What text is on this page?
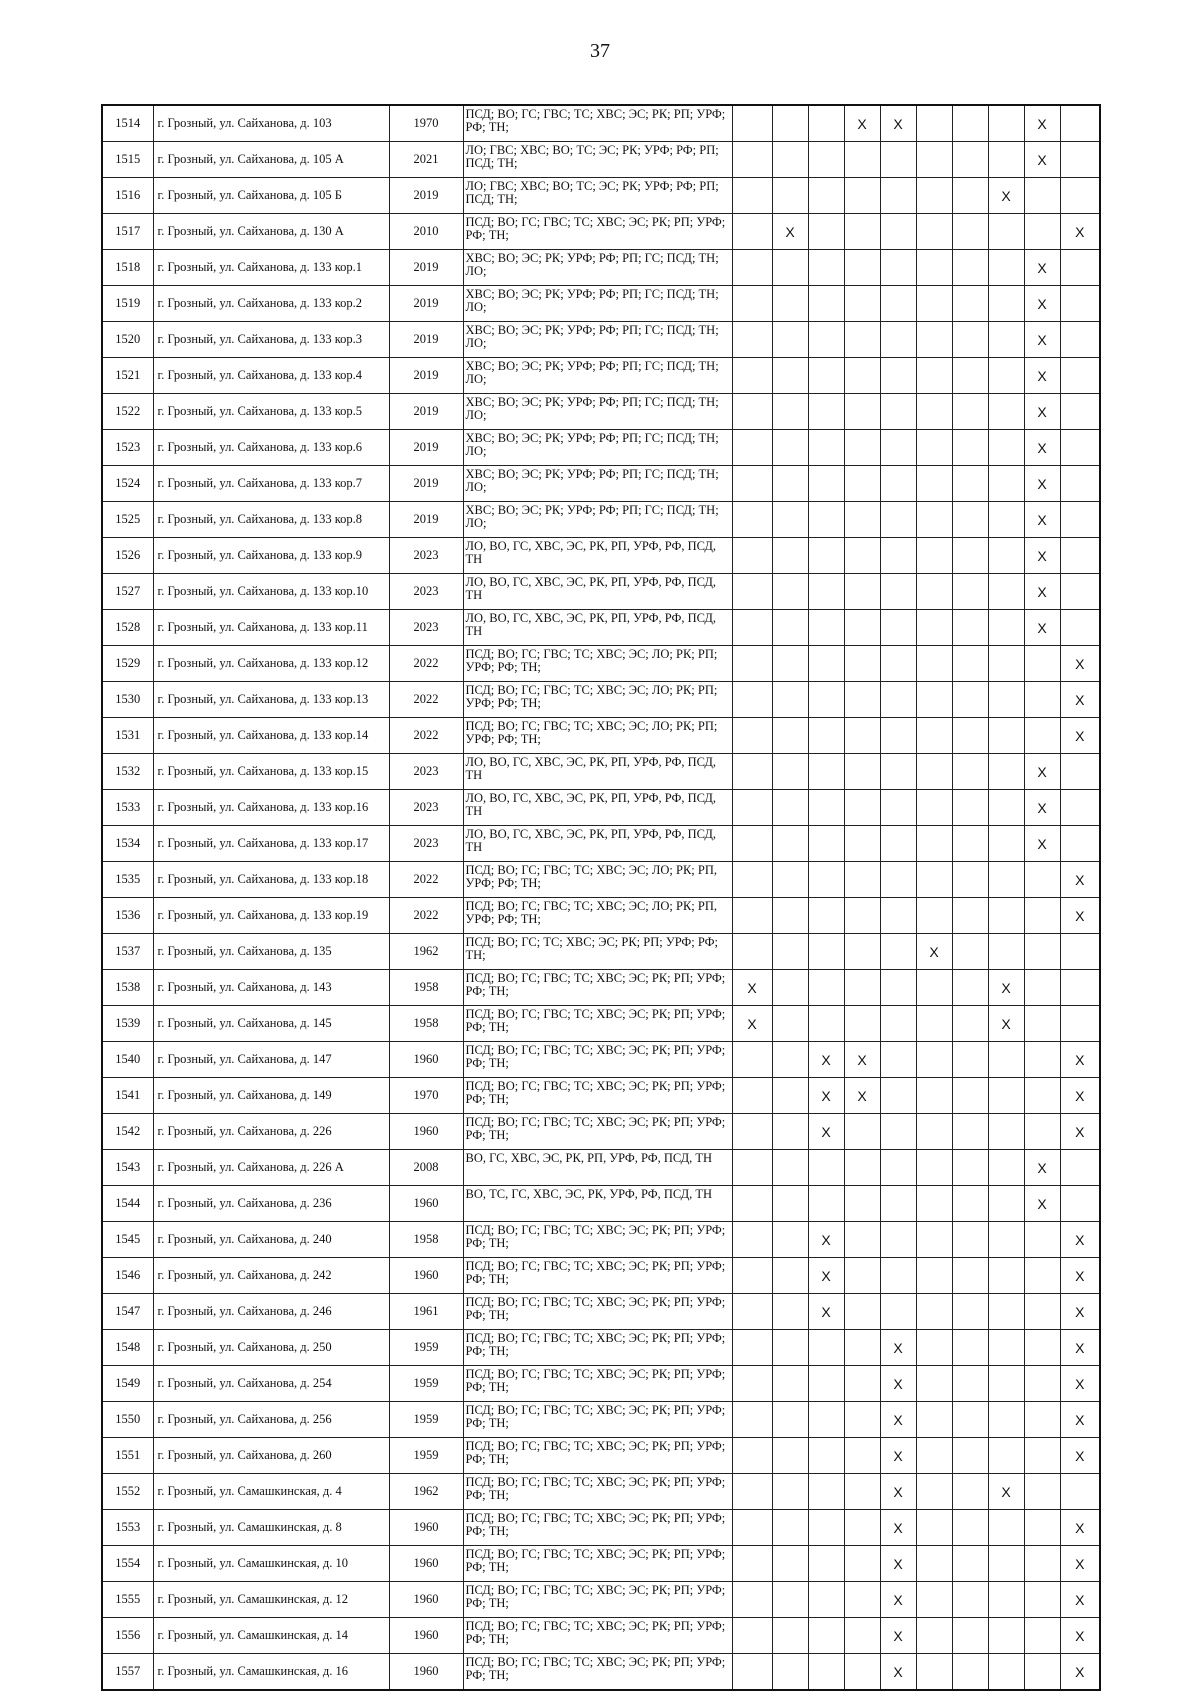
37
1514	г. Грозный, ул. Сайханова, д. 103	1970	ПСД; ВО; ГС; ГВС; ТС; ХВС; ЭС; РК; РП; УРФ; РФ; ТН;				X	X				X	
1515	г. Грозный, ул. Сайханова, д. 105 А	2021	ЛО; ГВС; ХВС; ВО; ТС; ЭС; РК; УРФ; РФ; РП; ПСД; ТН;									X	
1516	г. Грозный, ул. Сайханова, д. 105 Б	2019	ЛО; ГВС; ХВС; ВО; ТС; ЭС; РК; УРФ; РФ; РП; ПСД; ТН;								X		
1517	г. Грозный, ул. Сайханова, д. 130 А	2010	ПСД; ВО; ГС; ГВС; ТС; ХВС; ЭС; РК; РП; УРФ; РФ; ТН;		X								X
1518	г. Грозный, ул. Сайханова, д. 133 кор.1	2019	ХВС; ВО; ЭС; РК; УРФ; РФ; РП; ГС; ПСД; ТН; ЛО;									X	
1519	г. Грозный, ул. Сайханова, д. 133 кор.2	2019	ХВС; ВО; ЭС; РК; УРФ; РФ; РП; ГС; ПСД; ТН; ЛО;									X	
1520	г. Грозный, ул. Сайханова, д. 133 кор.3	2019	ХВС; ВО; ЭС; РК; УРФ; РФ; РП; ГС; ПСД; ТН; ЛО;									X	
1521	г. Грозный, ул. Сайханова, д. 133 кор.4	2019	ХВС; ВО; ЭС; РК; УРФ; РФ; РП; ГС; ПСД; ТН; ЛО;									X	
1522	г. Грозный, ул. Сайханова, д. 133 кор.5	2019	ХВС; ВО; ЭС; РК; УРФ; РФ; РП; ГС; ПСД; ТН; ЛО;									X	
1523	г. Грозный, ул. Сайханова, д. 133 кор.6	2019	ХВС; ВО; ЭС; РК; УРФ; РФ; РП; ГС; ПСД; ТН; ЛО;									X	
1524	г. Грозный, ул. Сайханова, д. 133 кор.7	2019	ХВС; ВО; ЭС; РК; УРФ; РФ; РП; ГС; ПСД; ТН; ЛО;									X	
1525	г. Грозный, ул. Сайханова, д. 133 кор.8	2019	ХВС; ВО; ЭС; РК; УРФ; РФ; РП; ГС; ПСД; ТН; ЛО;									X	
1526	г. Грозный, ул. Сайханова, д. 133 кор.9	2023	ЛО, ВО, ГС, ХВС, ЭС, РК, РП, УРФ, РФ, ПСД, ТН									X	
1527	г. Грозный, ул. Сайханова, д. 133 кор.10	2023	ЛО, ВО, ГС, ХВС, ЭС, РК, РП, УРФ, РФ, ПСД, ТН									X	
1528	г. Грозный, ул. Сайханова, д. 133 кор.11	2023	ЛО, ВО, ГС, ХВС, ЭС, РК, РП, УРФ, РФ, ПСД, ТН									X	
1529	г. Грозный, ул. Сайханова, д. 133 кор.12	2022	ПСД; ВО; ГС; ГВС; ТС; ХВС; ЭС; ЛО; РК; РП; УРФ; РФ; ТН;										X
1530	г. Грозный, ул. Сайханова, д. 133 кор.13	2022	ПСД; ВО; ГС; ГВС; ТС; ХВС; ЭС; ЛО; РК; РП; УРФ; РФ; ТН;										X
1531	г. Грозный, ул. Сайханова, д. 133 кор.14	2022	ПСД; ВО; ГС; ГВС; ТС; ХВС; ЭС; ЛО; РК; РП; УРФ; РФ; ТН;										X
1532	г. Грозный, ул. Сайханова, д. 133 кор.15	2023	ЛО, ВО, ГС, ХВС, ЭС, РК, РП, УРФ, РФ, ПСД, ТН									X	
1533	г. Грозный, ул. Сайханова, д. 133 кор.16	2023	ЛО, ВО, ГС, ХВС, ЭС, РК, РП, УРФ, РФ, ПСД, ТН									X	
1534	г. Грозный, ул. Сайханова, д. 133 кор.17	2023	ЛО, ВО, ГС, ХВС, ЭС, РК, РП, УРФ, РФ, ПСД, ТН									X	
1535	г. Грозный, ул. Сайханова, д. 133 кор.18	2022	ПСД; ВО; ГС; ГВС; ТС; ХВС; ЭС; ЛО; РК; РП, УРФ; РФ; ТН;										X
1536	г. Грозный, ул. Сайханова, д. 133 кор.19	2022	ПСД; ВО; ГС; ГВС; ТС; ХВС; ЭС; ЛО; РК; РП, УРФ; РФ; ТН;										X
1537	г. Грозный, ул. Сайханова, д. 135	1962	ПСД; ВО; ГС; ТС; ХВС; ЭС; РК; РП; УРФ; РФ; ТН;						X				
1538	г. Грозный, ул. Сайханова, д. 143	1958	ПСД; ВО; ГС; ГВС; ТС; ХВС; ЭС; РК; РП; УРФ; РФ; ТН;	X							X		
1539	г. Грозный, ул. Сайханова, д. 145	1958	ПСД; ВО; ГС; ГВС; ТС; ХВС; ЭС; РК; РП; УРФ; РФ; ТН;	X							X		
1540	г. Грозный, ул. Сайханова, д. 147	1960	ПСД; ВО; ГС; ГВС; ТС; ХВС; ЭС; РК; РП; УРФ; РФ; ТН;			X	X						X
1541	г. Грозный, ул. Сайханова, д. 149	1970	ПСД; ВО; ГС; ГВС; ТС; ХВС; ЭС; РК; РП; УРФ; РФ; ТН;			X	X						X
1542	г. Грозный, ул. Сайханова, д. 226	1960	ПСД; ВО; ГС; ГВС; ТС; ХВС; ЭС; РК; РП; УРФ; РФ; ТН;			X							X
1543	г. Грозный, ул. Сайханова, д. 226 А	2008	ВО, ГС, ХВС, ЭС, РК, РП, УРФ, РФ, ПСД, ТН									X	
1544	г. Грозный, ул. Сайханова, д. 236	1960	ВО, ТС, ГС, ХВС, ЭС, РК, УРФ, РФ, ПСД, ТН									X	
1545	г. Грозный, ул. Сайханова, д. 240	1958	ПСД; ВО; ГС; ГВС; ТС; ХВС; ЭС; РК; РП; УРФ; РФ; ТН;			X							X
1546	г. Грозный, ул. Сайханова, д. 242	1960	ПСД; ВО; ГС; ГВС; ТС; ХВС; ЭС; РК; РП; УРФ; РФ; ТН;			X							X
1547	г. Грозный, ул. Сайханова, д. 246	1961	ПСД; ВО; ГС; ГВС; ТС; ХВС; ЭС; РК; РП; УРФ; РФ; ТН;			X							X
1548	г. Грозный, ул. Сайханова, д. 250	1959	ПСД; ВО; ГС; ГВС; ТС; ХВС; ЭС; РК; РП; УРФ; РФ; ТН;					X					X
1549	г. Грозный, ул. Сайханова, д. 254	1959	ПСД; ВО; ГС; ГВС; ТС; ХВС; ЭС; РК; РП; УРФ; РФ; ТН;					X					X
1550	г. Грозный, ул. Сайханова, д. 256	1959	ПСД; ВО; ГС; ГВС; ТС; ХВС; ЭС; РК; РП; УРФ; РФ; ТН;					X					X
1551	г. Грозный, ул. Сайханова, д. 260	1959	ПСД; ВО; ГС; ГВС; ТС; ХВС; ЭС; РК; РП; УРФ; РФ; ТН;					X					X
1552	г. Грозный, ул. Самашкинская, д. 4	1962	ПСД; ВО; ГС; ГВС; ТС; ХВС; ЭС; РК; РП; УРФ; РФ; ТН;					X			X		
1553	г. Грозный, ул. Самашкинская, д. 8	1960	ПСД; ВО; ГС; ГВС; ТС; ХВС; ЭС; РК; РП; УРФ; РФ; ТН;					X					X
1554	г. Грозный, ул. Самашкинская, д. 10	1960	ПСД; ВО; ГС; ГВС; ТС; ХВС; ЭС; РК; РП; УРФ; РФ; ТН;					X					X
1555	г. Грозный, ул. Самашкинская, д. 12	1960	ПСД; ВО; ГС; ГВС; ТС; ХВС; ЭС; РК; РП; УРФ; РФ; ТН;					X					X
1556	г. Грозный, ул. Самашкинская, д. 14	1960	ПСД; ВО; ГС; ГВС; ТС; ХВС; ЭС; РК; РП; УРФ; РФ; ТН;					X					X
1557	г. Грозный, ул. Самашкинская, д. 16	1960	ПСД; ВО; ГС; ГВС; ТС; ХВС; ЭС; РК; РП; УРФ; РФ; ТН;					X					X
